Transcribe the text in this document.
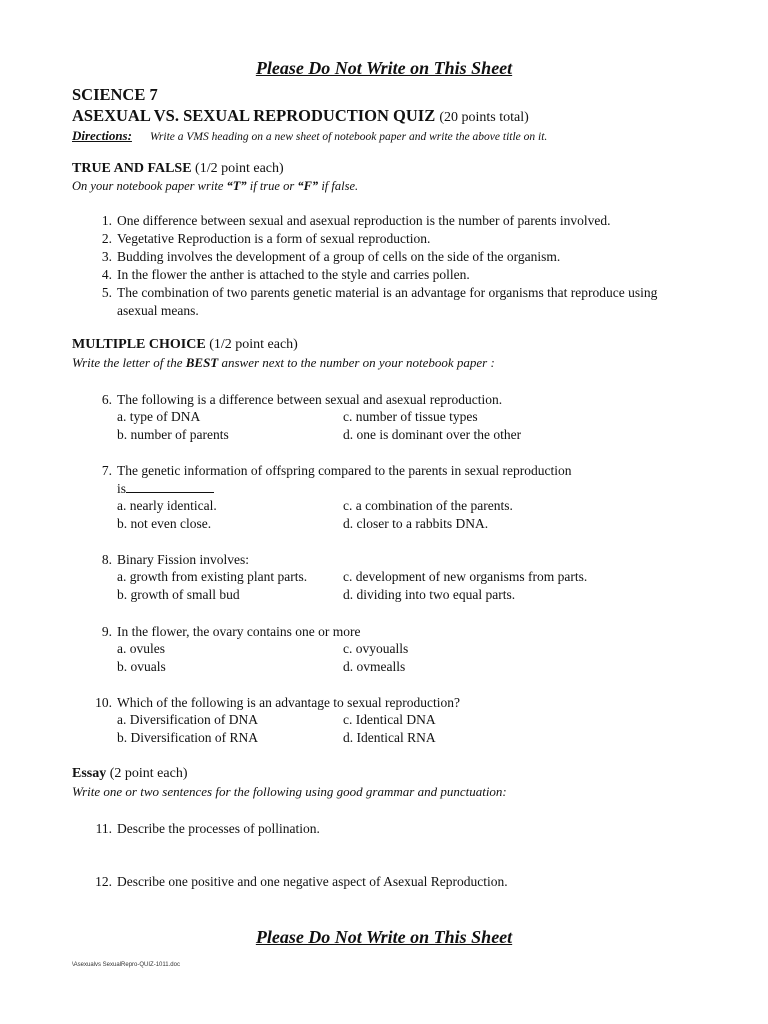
Please Do Not Write on This Sheet
SCIENCE 7
ASEXUAL VS. SEXUAL REPRODUCTION QUIZ (20 points total)
Directions: Write a VMS heading on a new sheet of notebook paper and write the above title on it.
TRUE AND FALSE (1/2 point each)
On your notebook paper write “T” if true or “F” if false.
1. One difference between sexual and asexual reproduction is the number of parents involved.
2. Vegetative Reproduction is a form of sexual reproduction.
3. Budding involves the development of a group of cells on the side of the organism.
4. In the flower the anther is attached to the style and carries pollen.
5. The combination of two parents genetic material is an advantage for organisms that reproduce using asexual means.
MULTIPLE CHOICE (1/2 point each)
Write the letter of the BEST answer next to the number on your notebook paper :
6. The following is a difference between sexual and asexual reproduction.
a. type of DNA	c. number of tissue types
b. number of parents	d. one is dominant over the other
7. The genetic information of offspring compared to the parents in sexual reproduction
is
a. nearly identical.	c. a combination of the parents.
b. not even close.	d. closer to a rabbits DNA.
8. Binary Fission involves:
a. growth from existing plant parts.	c. development of new organisms from parts.
b. growth of small bud	d. dividing into two equal parts.
9. In the flower, the ovary contains one or more
a. ovules	c. ovyoualls
b. ovuals	d. ovmealls
10. Which of the following is an advantage to sexual reproduction?
a. Diversification of DNA	c. Identical DNA
b. Diversification of RNA	d. Identical RNA
Essay (2 point each)
Write one or two sentences for the following using good grammar and punctuation:
11. Describe the processes of pollination.
12. Describe one positive and one negative aspect of Asexual Reproduction.
Please Do Not Write on This Sheet
\Asexualvs SexualRepro-QUIZ-1011.doc
